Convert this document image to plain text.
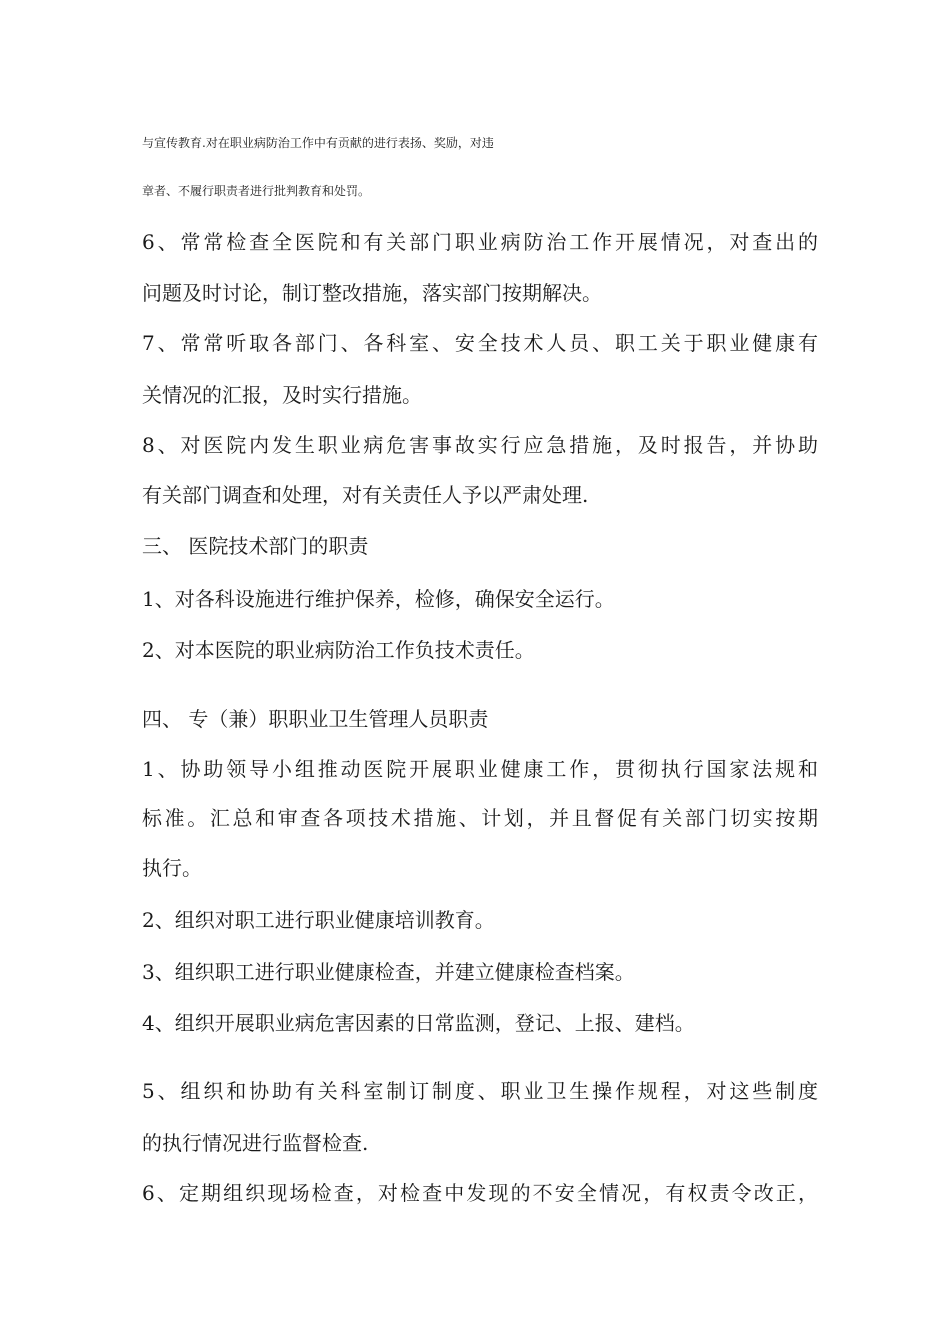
与宣传教育.对在职业病防治工作中有贡献的进行表扬、奖励，对违
章者、不履行职责者进行批判教育和处罚。
6、常常检查全医院和有关部门职业病防治工作开展情况，对查出的
问题及时讨论，制订整改措施，落实部门按期解决。
7、常常听取各部门、各科室、安全技术人员、职工关于职业健康有
关情况的汇报，及时实行措施。
8、对医院内发生职业病危害事故实行应急措施，及时报告，并协助
有关部门调查和处理，对有关责任人予以严肃处理.
三、 医院技术部门的职责
1、对各科设施进行维护保养，检修，确保安全运行。
2、对本医院的职业病防治工作负技术责任。
四、 专（兼）职职业卫生管理人员职责
1、协助领导小组推动医院开展职业健康工作，贯彻执行国家法规和
标准。汇总和审查各项技术措施、计划，并且督促有关部门切实按期
执行。
2、组织对职工进行职业健康培训教育。
3、组织职工进行职业健康检查，并建立健康检查档案。
4、组织开展职业病危害因素的日常监测，登记、上报、建档。
5、组织和协助有关科室制订制度、职业卫生操作规程，对这些制度
的执行情况进行监督检查.
6、定期组织现场检查，对检查中发现的不安全情况，有权责令改正，
